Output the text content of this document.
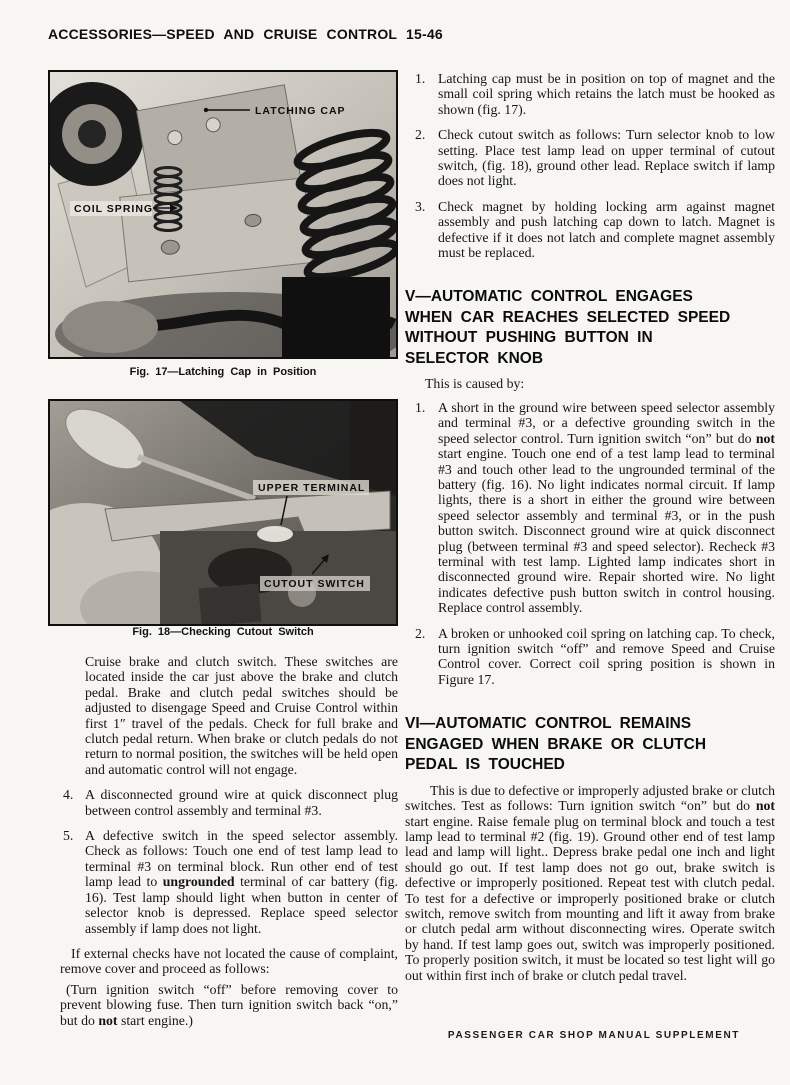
ACCESSORIES—SPEED AND CRUISE CONTROL 15-46
LATCHING CAP
COIL SPRING
Fig. 17—Latching Cap in Position
UPPER TERMINAL
CUTOUT SWITCH
Fig. 18—Checking Cutout Switch
Cruise brake and clutch switch. These switches are located inside the car just above the brake and clutch pedal. Brake and clutch pedal switches should be adjusted to disengage Speed and Cruise Control within first 1″ travel of the pedals. Check for full brake and clutch pedal return. When brake or clutch pedals do not return to normal position, the switches will be held open and automatic control will not engage.
4. A disconnected ground wire at quick disconnect plug between control assembly and terminal #3.
5. A defective switch in the speed selector assembly. Check as follows: Touch one end of test lamp lead to terminal #3 on terminal block. Run other end of test lamp lead to ungrounded terminal of car battery (fig. 16). Test lamp should light when button in center of selector knob is depressed. Replace speed selector assembly if lamp does not light.
If external checks have not located the cause of complaint, remove cover and proceed as follows:
(Turn ignition switch “off” before removing cover to prevent blowing fuse. Then turn ignition switch back “on,” but do not start engine.)
1. Latching cap must be in position on top of magnet and the small coil spring which retains the latch must be hooked as shown (fig. 17).
2. Check cutout switch as follows: Turn selector knob to low setting. Place test lamp lead on upper terminal of cutout switch, (fig. 18), ground other lead. Replace switch if lamp does not light.
3. Check magnet by holding locking arm against magnet assembly and push latching cap down to latch. Magnet is defective if it does not latch and complete magnet assembly must be replaced.
V—AUTOMATIC CONTROL ENGAGES WHEN CAR REACHES SELECTED SPEED WITHOUT PUSHING BUTTON IN SELECTOR KNOB
This is caused by:
1. A short in the ground wire between speed selector assembly and terminal #3, or a defective grounding switch in the speed selector control. Turn ignition switch “on” but do not start engine. Touch one end of a test lamp lead to terminal #3 and touch other lead to the ungrounded terminal of the battery (fig. 16). No light indicates normal circuit. If lamp lights, there is a short in either the ground wire between speed selector assembly and terminal #3, or in the push button switch. Disconnect ground wire at quick disconnect plug (between terminal #3 and speed selector). Recheck #3 terminal with test lamp. Lighted lamp indicates short in disconnected ground wire. Repair shorted wire. No light indicates defective push button switch in control housing. Replace control assembly.
2. A broken or unhooked coil spring on latching cap. To check, turn ignition switch “off” and remove Speed and Cruise Control cover. Correct coil spring position is shown in Figure 17.
VI—AUTOMATIC CONTROL REMAINS ENGAGED WHEN BRAKE OR CLUTCH PEDAL IS TOUCHED
This is due to defective or improperly adjusted brake or clutch switches. Test as follows: Turn ignition switch “on” but do not start engine. Raise female plug on terminal block and touch a test lamp lead to terminal #2 (fig. 19). Ground other end of test lamp lead and lamp will light.. Depress brake pedal one inch and light should go out. If test lamp does not go out, brake switch is defective or improperly positioned. Repeat test with clutch pedal. To test for a defective or improperly positioned brake or clutch switch, remove switch from mounting and lift it away from brake or clutch pedal arm without disconnecting wires. Operate switch by hand. If test lamp goes out, switch was improperly positioned. To properly position switch, it must be located so test light will go out within first inch of brake or clutch pedal travel.
PASSENGER CAR SHOP MANUAL SUPPLEMENT
